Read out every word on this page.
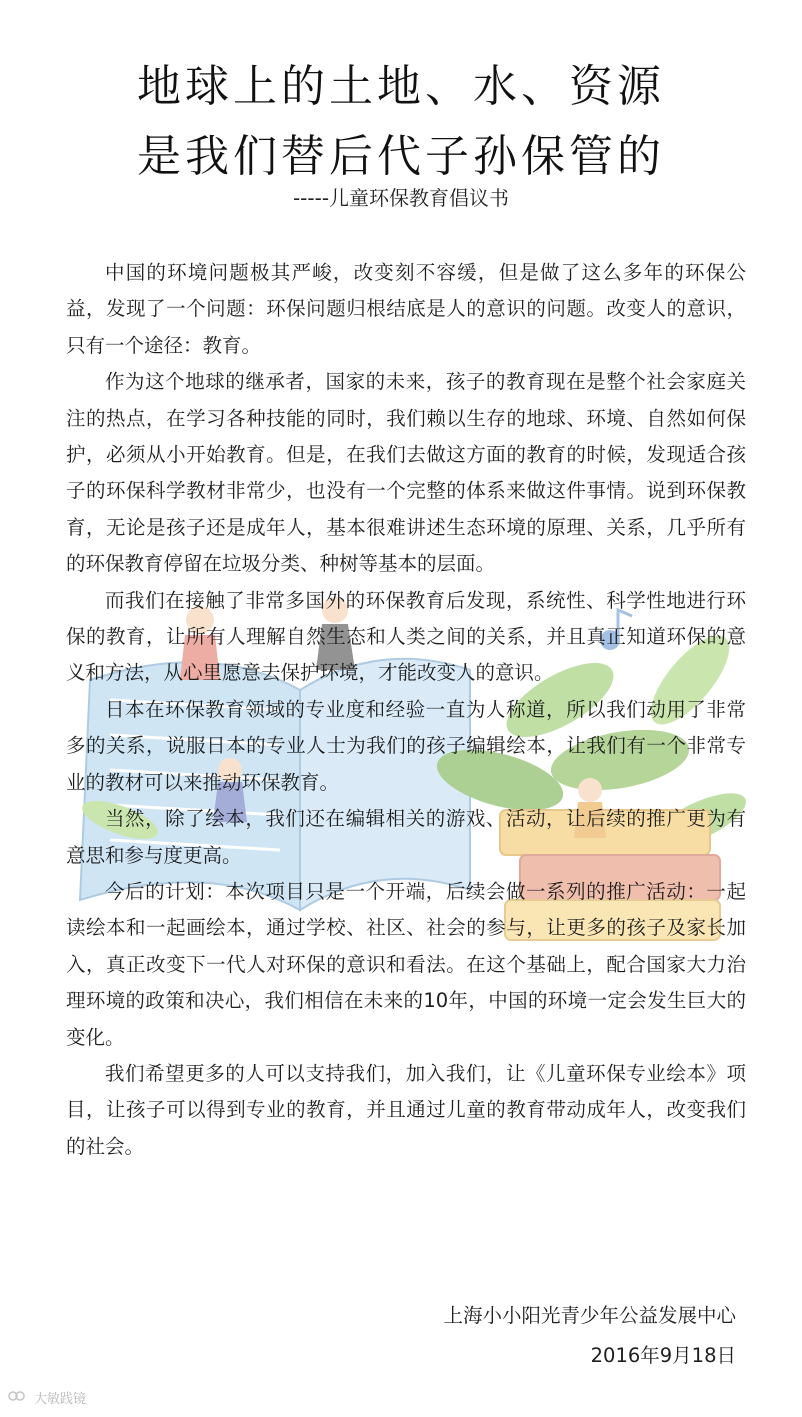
地球上的土地、水、资源
是我们替后代子孙保管的
-----儿童环保教育倡议书

中国的环境问题极其严峻，改变刻不容缓，但是做了这么多年的环保公益，发现了一个问题：环保问题归根结底是人的意识的问题。改变人的意识，只有一个途径：教育。

作为这个地球的继承者，国家的未来，孩子的教育现在是整个社会家庭关注的热点，在学习各种技能的同时，我们赖以生存的地球、环境、自然如何保护，必须从小开始教育。但是，在我们去做这方面的教育的时候，发现适合孩子的环保科学教材非常少，也没有一个完整的体系来做这件事情。说到环保教育，无论是孩子还是成年人，基本很难讲述生态环境的原理、关系，几乎所有的环保教育停留在垃圾分类、种树等基本的层面。

而我们在接触了非常多国外的环保教育后发现，系统性、科学性地进行环保的教育，让所有人理解自然生态和人类之间的关系，并且真正知道环保的意义和方法，从心里愿意去保护环境，才能改变人的意识。

日本在环保教育领域的专业度和经验一直为人称道，所以我们动用了非常多的关系，说服日本的专业人士为我们的孩子编辑绘本，让我们有一个非常专业的教材可以来推动环保教育。

当然，除了绘本，我们还在编辑相关的游戏、活动，让后续的推广更为有意思和参与度更高。

今后的计划：本次项目只是一个开端，后续会做一系列的推广活动：一起读绘本和一起画绘本，通过学校、社区、社会的参与，让更多的孩子及家长加入，真正改变下一代人对环保的意识和看法。在这个基础上，配合国家大力治理环境的政策和决心，我们相信在未来的10年，中国的环境一定会发生巨大的变化。

我们希望更多的人可以支持我们，加入我们，让《儿童环保专业绘本》项目，让孩子可以得到专业的教育，并且通过儿童的教育带动成年人，改变我们的社会。

上海小小阳光青少年公益发展中心
2016年9月18日
大敏践镜
